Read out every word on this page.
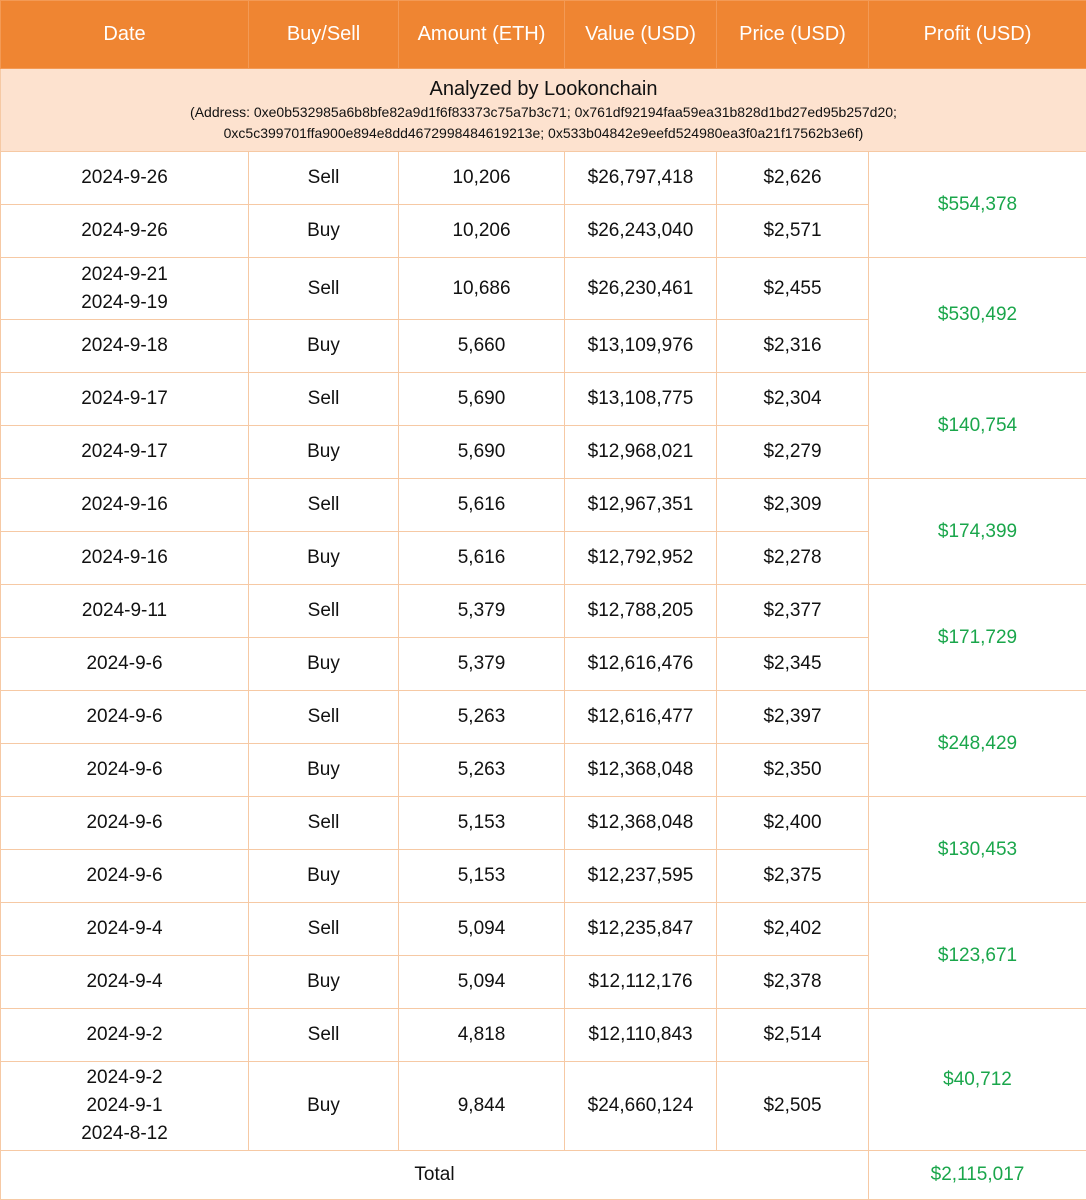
Date	Buy/Sell	Amount (ETH)	Value (USD)	Price (USD)	Profit (USD)

Analyzed by Lookonchain
(Address: 0xe0b532985a6b8bfe82a9d1f6f83373c75a7b3c71; 0x761df92194faa59ea31b828d1bd27ed95b257d20;
0xc5c399701ffa900e894e8dd4672998484619213e; 0x533b04842e9eefd524980ea3f0a21f17562b3e6f)					

2024-9-26	Sell	10,206	$26,797,418	$2,626	$554,378

2024-9-26	Buy	10,206	$26,243,040	$2,571	

2024-9-21
2024-9-19	Sell	10,686	$26,230,461	$2,455	$530,492

2024-9-18	Buy	5,660	$13,109,976	$2,316	

2024-9-17	Sell	5,690	$13,108,775	$2,304	$140,754

2024-9-17	Buy	5,690	$12,968,021	$2,279	

2024-9-16	Sell	5,616	$12,967,351	$2,309	$174,399

2024-9-16	Buy	5,616	$12,792,952	$2,278	

2024-9-11	Sell	5,379	$12,788,205	$2,377	$171,729

2024-9-6	Buy	5,379	$12,616,476	$2,345	

2024-9-6	Sell	5,263	$12,616,477	$2,397	$248,429

2024-9-6	Buy	5,263	$12,368,048	$2,350	

2024-9-6	Sell	5,153	$12,368,048	$2,400	$130,453

2024-9-6	Buy	5,153	$12,237,595	$2,375	

2024-9-4	Sell	5,094	$12,235,847	$2,402	$123,671

2024-9-4	Buy	5,094	$12,112,176	$2,378	

2024-9-2	Sell	4,818	$12,110,843	$2,514	$40,712

2024-9-2
2024-9-1
2024-8-12	Buy	9,844	$24,660,124	$2,505	
Total					$2,115,017
